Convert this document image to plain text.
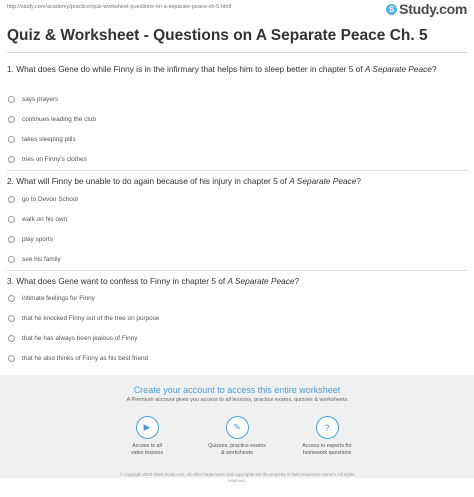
http://study.com/academy/practice/quiz-worksheet-questions-on-a-separate-peace-ch-5.html	S Study.com
Quiz & Worksheet - Questions on A Separate Peace Ch. 5
1. What does Gene do while Finny is in the infirmary that helps him to sleep better in chapter 5 of A Separate Peace?
says prayers
continues leading the club
takes sleeping pills
tries on Finny's clothes
2. What will Finny be unable to do again because of his injury in chapter 5 of A Separate Peace?
go to Devon School
walk on his own
play sports
see his family
3. What does Gene want to confess to Finny in chapter 5 of A Separate Peace?
intimate feelings for Finny
that he knocked Finny out of the tree on purpose
that he has always been jealous of Finny
that he also thinks of Finny as his best friend
Create your account to access this entire worksheet
A Premium account gives you access to all lessons, practice exams, quizzes & worksheets
▶
Access to all
video lessons
✎
Quizzes, practice exams
& worksheets
?
Access to experts for
homework questions
© copyright 2003-2020 Study.com. All other trademarks and copyrights are the property of their respective owners. All rights
reserved.
